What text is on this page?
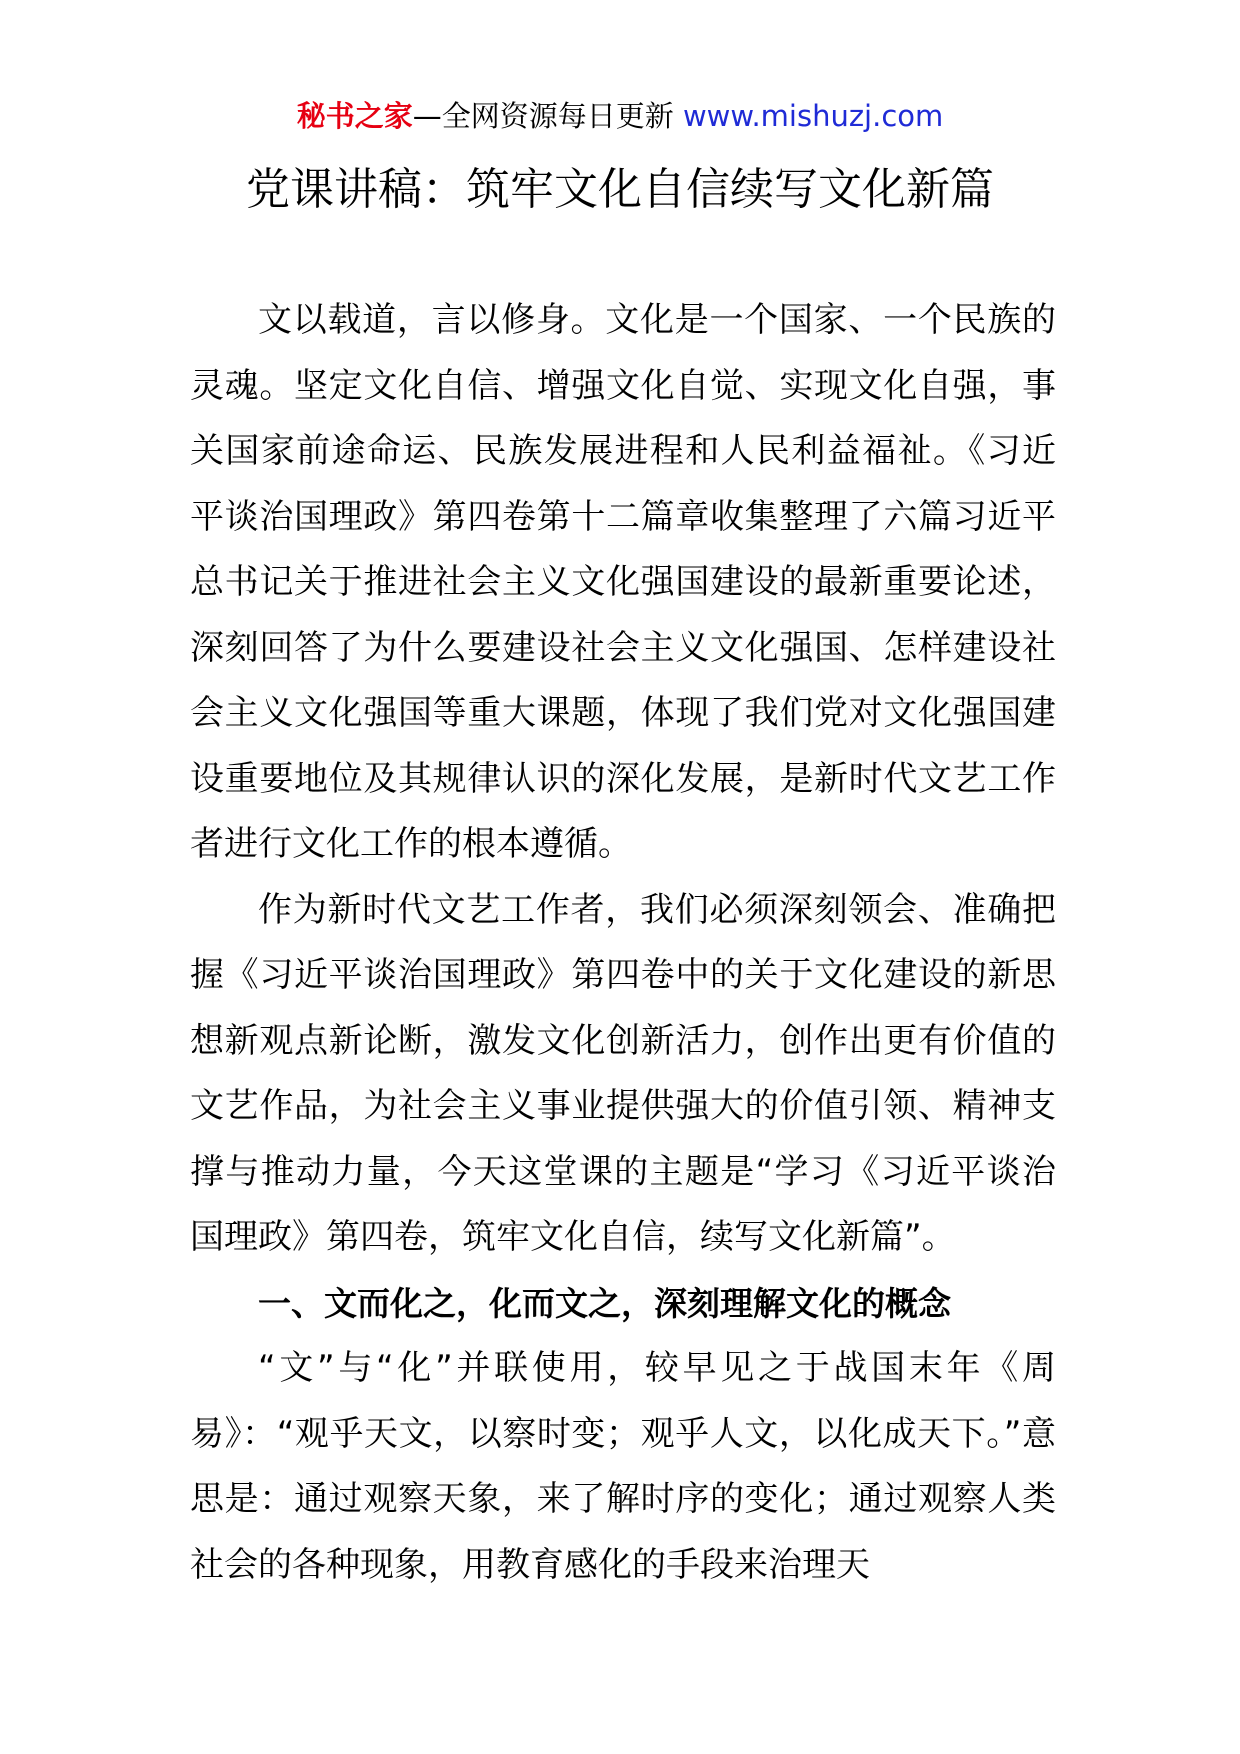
秘书之家—全网资源每日更新 www.mishuzj.com
党课讲稿：筑牢文化自信续写文化新篇

文以载道，言以修身。文化是一个国家、一个民族的灵魂。坚定文化自信、增强文化自觉、实现文化自强，事关国家前途命运、民族发展进程和人民利益福祉。《习近平谈治国理政》第四卷第十二篇章收集整理了六篇习近平总书记关于推进社会主义文化强国建设的最新重要论述，深刻回答了为什么要建设社会主义文化强国、怎样建设社会主义文化强国等重大课题，体现了我们党对文化强国建设重要地位及其规律认识的深化发展，是新时代文艺工作者进行文化工作的根本遵循。

作为新时代文艺工作者，我们必须深刻领会、准确把握《习近平谈治国理政》第四卷中的关于文化建设的新思想新观点新论断，激发文化创新活力，创作出更有价值的文艺作品，为社会主义事业提供强大的价值引领、精神支撑与推动力量，今天这堂课的主题是“学习《习近平谈治国理政》第四卷，筑牢文化自信，续写文化新篇”。

一、文而化之，化而文之，深刻理解文化的概念

“文”与“化”并联使用，较早见之于战国末年《周易》：“观乎天文，以察时变；观乎人文，以化成天下。”意思是：通过观察天象，来了解时序的变化；通过观察人类社会的各种现象，用教育感化的手段来治理天
